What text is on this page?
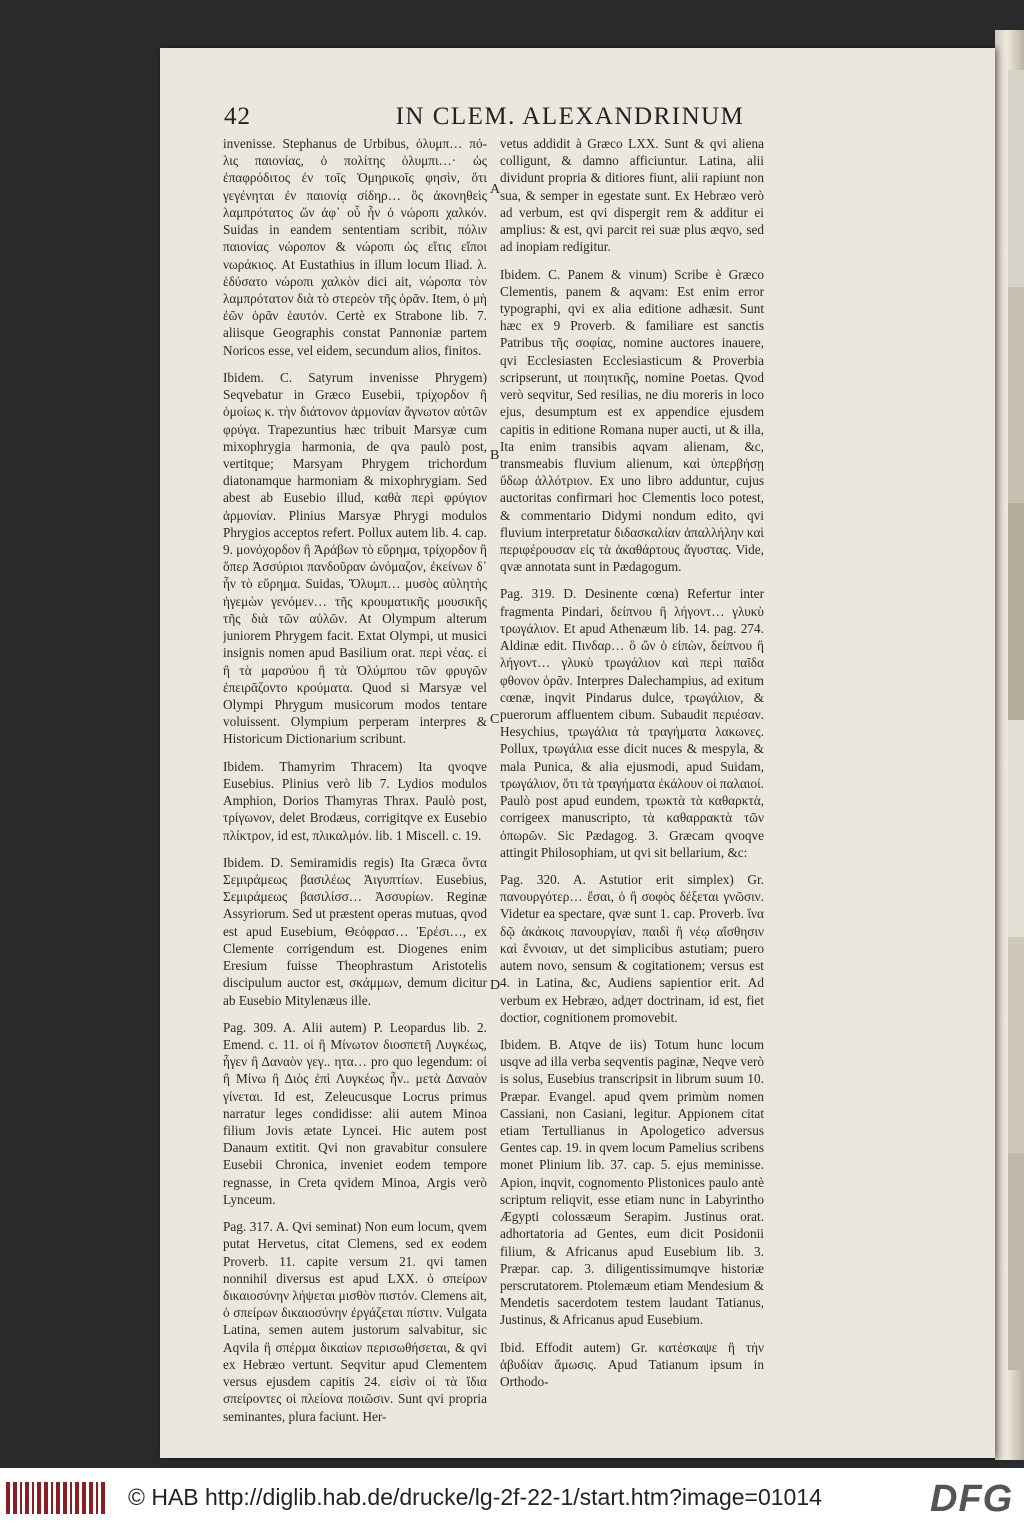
42	IN CLEM. ALEXANDRINUM
A
B
C
D

invenisse. Stephanus de Urbibus, ὀλυμπ… πό- λις παιονίας, ὁ πολίτης ὀλυμπι…· ὡς ἐπαφρόδιτος ἐν τοῖς Ὁμηρικοῖς φησὶν, ὅτι γεγένηται ἐν παιονίᾳ σίδηρ… ὃς ἀκονηθεὶς λαμπρότατος ὤν ἀφ᾽ οὗ ἦν ὁ νώροπι χαλκόν. Suidas in eandem sententiam scribit, πόλιν παιονίας νώροπον & νώροπι ὡς εἴτις εἴποι νωράκιος. At Eustathius in illum locum Iliad. λ. ἑδύσατο νώροπι χαλκὸν dici ait, νώροπα τὸν λαμπρότατον διὰ τὸ στερεὸν τῆς ὁρᾶν. Item, ὁ μὴ ἐῶν ὁρᾶν ἑαυτόν. Certè ex Strabone lib. 7. aliisque Geographis constat Pannoniæ partem Noricos esse, vel eidem, secundum alios, finitos.

Ibidem. C. Satyrum invenisse Phrygem) Seqvebatur in Græco Eusebii, τρίχορδον ἢ ὁμοίως κ. τὴν διάτονον ἁρμονίαν ἄγνωτον αὐτῶν φρύγα. Trapezuntius hæc tribuit Marsyæ cum mixophrygia harmonia, de qva paulò post, vertitque; Marsyam Phrygem trichordum diatonamque harmoniam & mixophrygiam. Sed abest ab Eusebio illud, καθὰ περὶ φρύγιον ἁρμονίαν. Plinius Marsyæ Phrygi modulos Phrygios acceptos refert. Pollux autem lib. 4. cap. 9. μονόχορδον ἢ Ἀράβων τὸ εὕρημα, τρίχορδον ἢ ὅπερ Ἀσσύριοι πανδοῦραν ὠνόμαζον, ἐκείνων δ᾽ ἦν τὸ εὕρημα. Suidas, Ὄλυμπ… μυσὸς αὐλητὴς ἡγεμὼν γενόμεν… τῆς κρουματικῆς μουσικῆς τῆς διὰ τῶν αὐλῶν. At Olympum alterum juniorem Phrygem facit. Extat Olympi, ut musici insignis nomen apud Basilium orat. περὶ νέας. εἰ ἢ τὰ μαρσύου ἢ τὰ Ὀλύμπου τῶν φρυγῶν ἐπειρᾶζοντο κρούματα. Quod si Marsyæ vel Olympi Phrygum musicorum modos tentare voluissent. Olympium perperam interpres & Historicum Dictionarium scribunt.

Ibidem. Thamyrim Thracem) Ita qvoqve Eusebius. Plinius verò lib 7. Lydios modulos Amphion, Dorios Thamyras Thrax. Paulò post, τρίγωνον, delet Brodæus, corrigitqve ex Eusebio πλίκτρον, id est, πλικαλμόν. lib. 1 Miscell. c. 19.

Ibidem. D. Semiramidis regis) Ita Græca ὄντα Σεμιράμεως βασιλέως Ἀιγυπτίων. Eusebius, Σεμιράμεως βασιλίσσ… Ἀσσυρίων. Reginæ Assyriorum. Sed ut præstent operas mutuas, qvod est apud Eusebium, Θεόφρασ… Ἐρέσι…, ex Clemente corrigendum est. Diogenes enim Eresium fuisse Theophrastum Aristotelis discipulum auctor est, σκάμμων, demum dicitur ab Eusebio Mitylenæus ille.

Pag. 309. A. Alii autem) P. Leopardus lib. 2. Emend. c. 11. οἱ ἢ Μίνωτον διοσπετῆ Λυγκέως, ἦγεν ἢ Δαναὸν γεγ.. ητα… pro quo legendum: οἱ ἢ Μίνω ἢ Διὸς ἐπὶ Λυγκέως ἦν.. μετὰ Δαναὸν γίνεται. Id est, Zeleucusque Locrus primus narratur leges condidisse: alii autem Minoa filium Jovis ætate Lyncei. Hic autem post Danaum extitit. Qvi non gravabitur consulere Eusebii Chronica, inveniet eodem tempore regnasse, in Creta qvidem Minoa, Argis verò Lynceum.

Pag. 317. A. Qvi seminat) Non eum locum, qvem putat Hervetus, citat Clemens, sed ex eodem Proverb. 11. capite versum 21. qvi tamen nonnihil diversus est apud LXX. ὁ σπείρων δικαιοσύνην λήψεται μισθὸν πιστόν. Clemens ait, ὁ σπείρων δικαιοσύνην ἐργάζεται πίστιν. Vulgata Latina, semen autem justorum salvabitur, sic Aqvila ἢ σπέρμα δικαίων περισωθήσεται, & qvi ex Hebræo vertunt. Seqvitur apud Clementem versus ejusdem capitis 24. εἰσὶν οἱ τὰ ἴδια σπείροντες οἱ πλείονα ποιῶσιν. Sunt qvi propria seminantes, plura faciunt. Her-

vetus addidit à Græco LXX. Sunt & qvi aliena colligunt, & damno afficiuntur. Latina, alii dividunt propria & ditiores fiunt, alii rapiunt non sua, & semper in egestate sunt. Ex Hebræo verò ad verbum, est qvi dispergit rem & additur ei amplius: & est, qvi parcit rei suæ plus æqvo, sed ad inopiam redigitur.

Ibidem. C. Panem & vinum) Scribe è Græco Clementis, panem & aqvam: Est enim error typographi, qvi ex alia editione adhæsit. Sunt hæc ex 9 Proverb. & familiare est sanctis Patribus τῆς σοφίας, nomine auctores inauere, qvi Ecclesiasten Ecclesiasticum & Proverbia scripserunt, ut ποιητικῆς, nomine Poetas. Qvod verò seqvitur, Sed resilias, ne diu moreris in loco ejus, desumptum est ex appendice ejusdem capitis in editione Romana nuper aucti, ut & illa, Ita enim transibis aqvam alienam, &c, transmeabis fluvium alienum, καὶ ὑπερβήσῃ ὕδωρ ἀλλότριον. Ex uno libro adduntur, cujus auctoritas confirmari hoc Clementis loco potest, & commentario Didymi nondum edito, qvi fluvium interpretatur διδασκαλίαν ἀπαλλήλην καὶ περιφέρουσαν εἰς τὰ ἀκαθάρτους ἄγυστας. Vide, qvæ annotata sunt in Pædagogum.

Pag. 319. D. Desinente cœna) Refertur inter fragmenta Pindari, δείπνου ἢ λήγοντ… γλυκὺ τρωγάλιον. Et apud Athenæum lib. 14. pag. 274. Aldinæ edit. Πινδαρ… ὃ ὤν ὁ εἰπὼν, δείπνου ἢ λήγοντ… γλυκὺ τρωγάλιον καὶ περὶ παῖδα φθονον ὁρᾶν. Interpres Dalechampius, ad exitum cœnæ, inqvit Pindarus dulce, τρωγάλιον, & puerorum affluentem cibum. Subaudit περιέσαν. Hesychius, τρωγάλια τὰ τραγήματα λακωνες. Pollux, τρωγάλια esse dicit nuces & mespyla, & mala Punica, & alia ejusmodi, apud Suidam, τρωγάλιον, ὅτι τὰ τραγήματα ἐκάλουν οἱ παλαιοί. Paulò post apud eundem, τρωκτὰ τὰ καθαρκτὰ, corrigeex manuscripto, τὰ καθαρρακτὰ τῶν ὀπωρῶν. Sic Pædagog. 3. Græcam qvoqve attingit Philosophiam, ut qvi sit bellarium, &c:

Pag. 320. A. Astutior erit simplex) Gr. πανουργότερ… ἔσαι, ὁ ἢ σοφὸς δέξεται γνῶσιν. Videtur ea spectare, qvæ sunt 1. cap. Proverb. ἵνα δῷ ἀκάκοις πανουργίαν, παιδὶ ἢ νέῳ αἴσθησιν καὶ ἔννοιαν, ut det simplicibus astutiam; puero autem novo, sensum & cogitationem; versus est 4. in Latina, &c, Audiens sapientior erit. Ad verbum ex Hebræo, adдет doctrinam, id est, fiet doctior, cognitionem promovebit.

Ibidem. B. Atqve de iis) Totum hunc locum usqve ad illa verba seqventis paginæ, Neqve verò is solus, Eusebius transcripsit in librum suum 10. Præpar. Evangel. apud qvem primùm nomen Cassiani, non Casiani, legitur. Appionem citat etiam Tertullianus in Apologetico adversus Gentes cap. 19. in qvem locum Pamelius scribens monet Plinium lib. 37. cap. 5. ejus meminisse. Apion, inqvit, cognomento Plistonices paulo antè scriptum reliqvit, esse etiam nunc in Labyrintho Ægypti colossæum Serapim. Justinus orat. adhortatoria ad Gentes, eum dicit Posidonii filium, & Africanus apud Eusebium lib. 3. Præpar. cap. 3. diligentissimumqve historiæ perscrutatorem. Ptolemæum etiam Mendesium & Mendetis sacerdotem testem laudant Tatianus, Justinus, & Africanus apud Eusebium.

Ibid. Effodit autem) Gr. κατέσκαψε ἢ τὴν ἀβυδίαν ἄμωσις. Apud Tatianum ipsum in Orthodo-

© HAB http://diglib.hab.de/drucke/lg-2f-22-1/start.htm?image=01014	DFG
